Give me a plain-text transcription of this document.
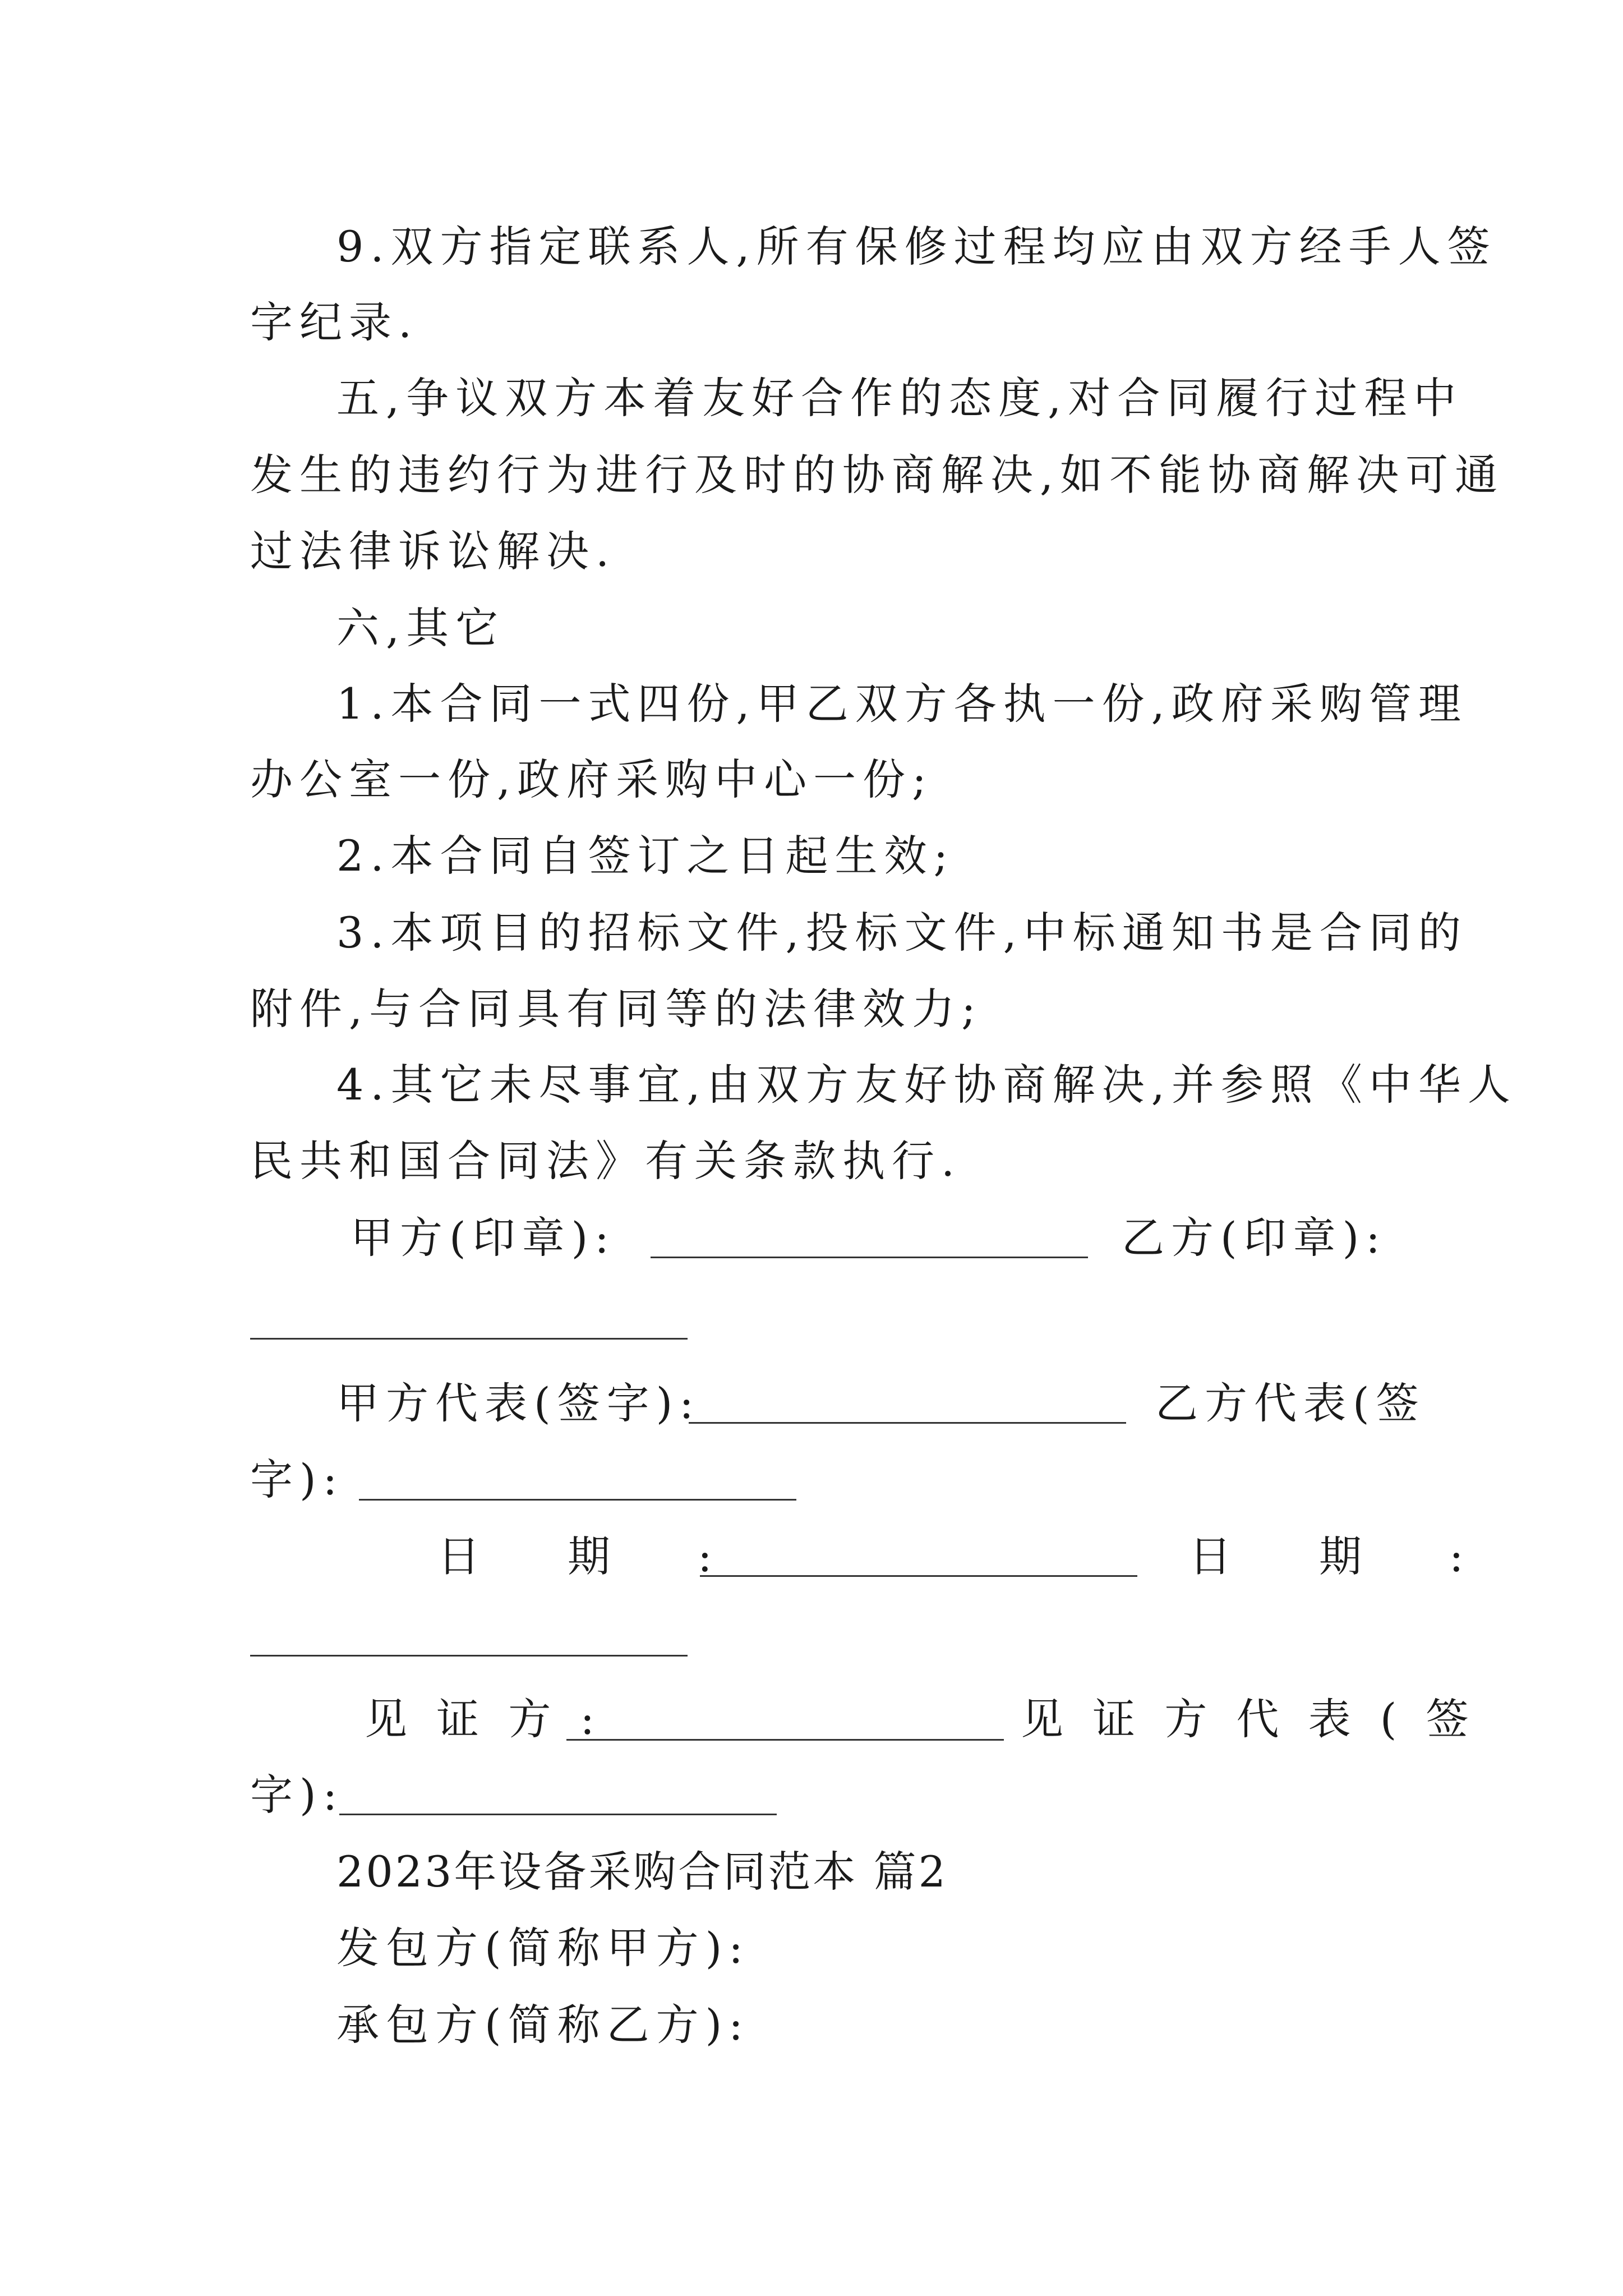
9.双方指定联系人,所有保修过程均应由双方经手人签
字纪录.
五,争议双方本着友好合作的态度,对合同履行过程中
发生的违约行为进行及时的协商解决,如不能协商解决可通
过法律诉讼解决.
六,其它
1.本合同一式四份,甲乙双方各执一份,政府采购管理
办公室一份,政府采购中心一份;
2.本合同自签订之日起生效;
3.本项目的招标文件,投标文件,中标通知书是合同的
附件,与合同具有同等的法律效力;
4.其它未尽事宜,由双方友好协商解决,并参照《中华人
民共和国合同法》有关条款执行.
甲方(印章):	乙方(印章):
甲方代表(签字):	乙方代表(签
字):
日　期　:	日　期　:
见 证 方 :	见 证 方 代 表 ( 签
字):
2023年设备采购合同范本 篇2
发包方(简称甲方):
承包方(简称乙方):
